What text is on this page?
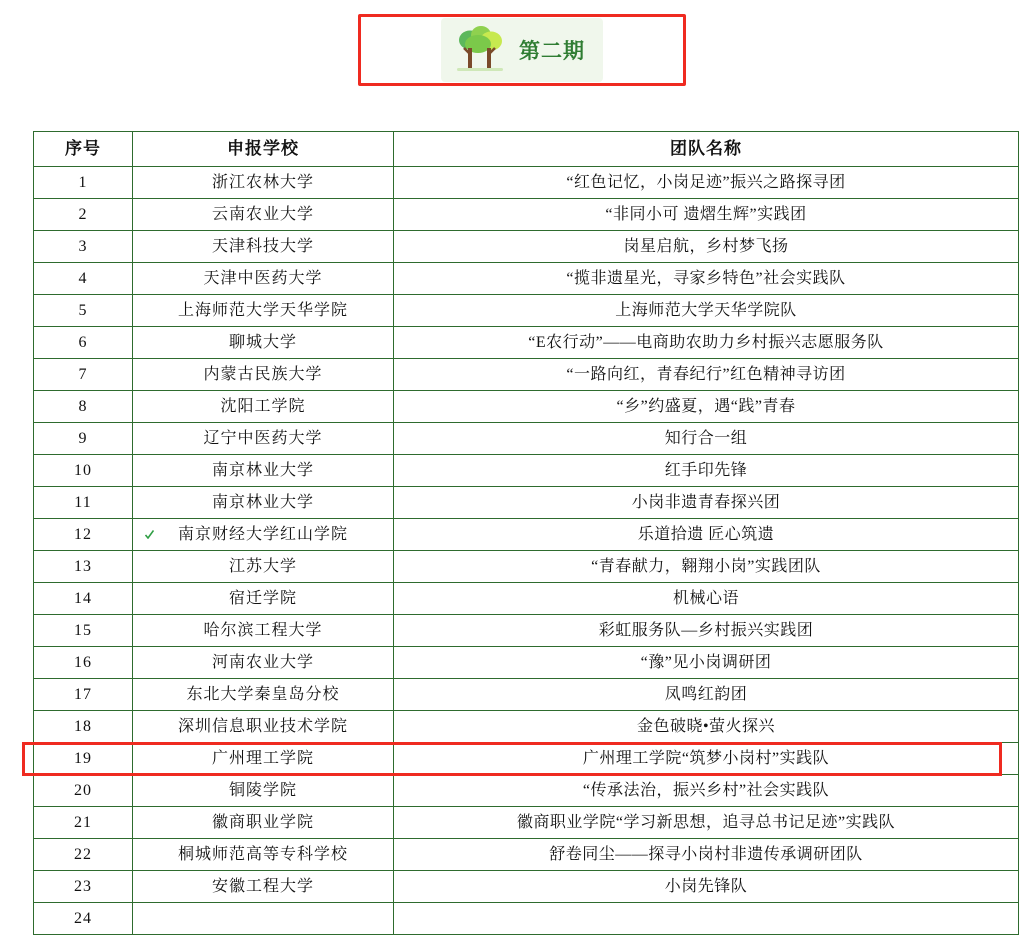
第二期
序号	申报学校	团队名称
1	浙江农林大学	“红色记忆，小岗足迹”振兴之路探寻团
2	云南农业大学	“非同小可 遗熠生辉”实践团
3	天津科技大学	岗星启航，乡村梦飞扬
4	天津中医药大学	“揽非遗星光，寻家乡特色”社会实践队
5	上海师范大学天华学院	上海师范大学天华学院队
6	聊城大学	“E农行动”——电商助农助力乡村振兴志愿服务队
7	内蒙古民族大学	“一路向红，青春纪行”红色精神寻访团
8	沈阳工学院	“乡”约盛夏，遇“践”青春
9	辽宁中医药大学	知行合一组
10	南京林业大学	红手印先锋
11	南京林业大学	小岗非遗青春探兴团
12	南京财经大学红山学院	乐道拾遗 匠心筑遗
13	江苏大学	“青春献力，翱翔小岗”实践团队
14	宿迁学院	机械心语
15	哈尔滨工程大学	彩虹服务队—乡村振兴实践团
16	河南农业大学	“豫”见小岗调研团
17	东北大学秦皇岛分校	凤鸣红韵团
18	深圳信息职业技术学院	金色破晓•萤火探兴
19	广州理工学院	广州理工学院“筑梦小岗村”实践队
20	铜陵学院	“传承法治，振兴乡村”社会实践队
21	徽商职业学院	徽商职业学院“学习新思想，追寻总书记足迹”实践队
22	桐城师范高等专科学校	舒卷同尘——探寻小岗村非遗传承调研团队
23	安徽工程大学	小岗先锋队
24		
